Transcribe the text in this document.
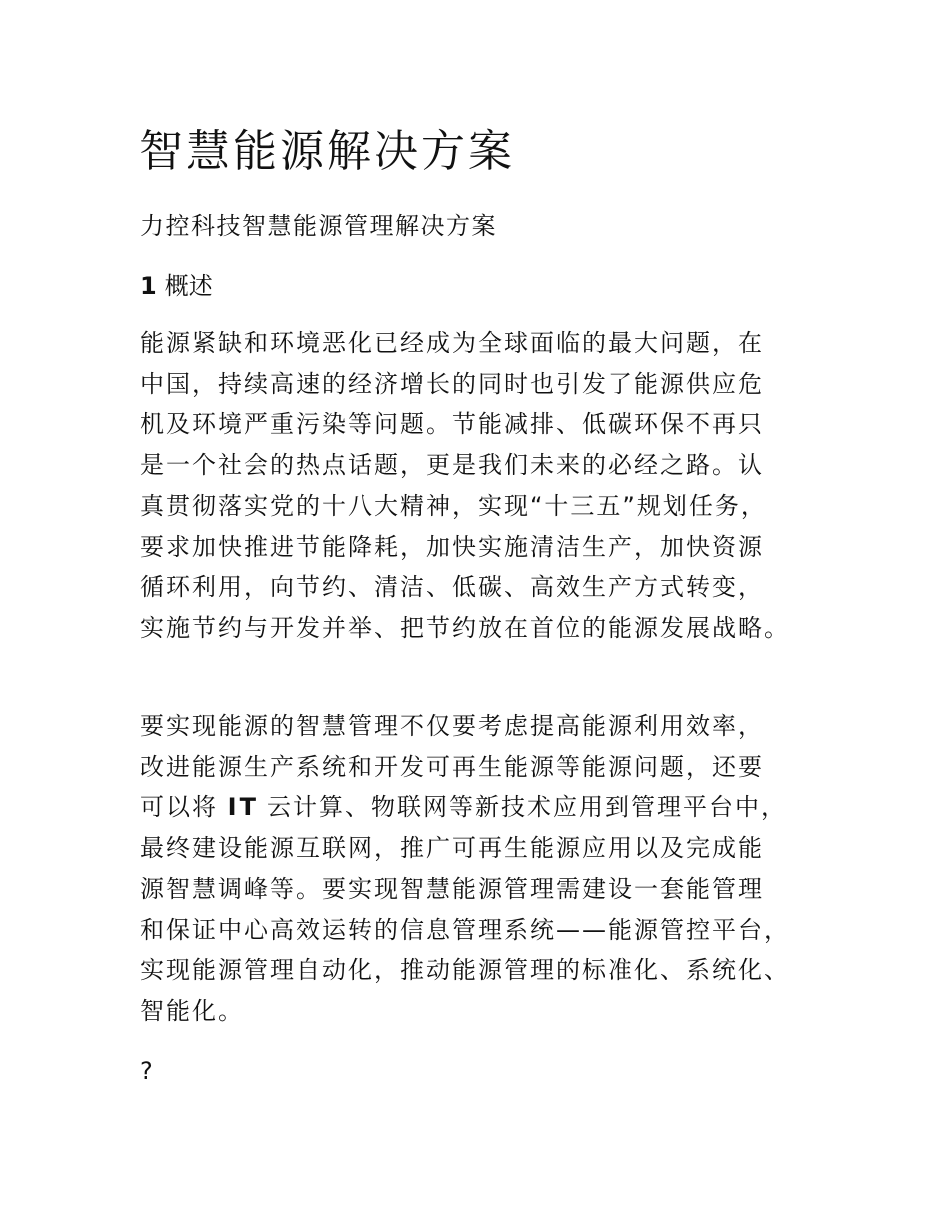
智慧能源解决方案

力控科技智慧能源管理解决方案

1 概述
能源紧缺和环境恶化已经成为全球面临的最大问题，在
中国，持续高速的经济增长的同时也引发了能源供应危
机及环境严重污染等问题。节能减排、低碳环保不再只
是一个社会的热点话题，更是我们未来的必经之路。认
真贯彻落实党的十八大精神，实现“十三五”规划任务，
要求加快推进节能降耗，加快实施清洁生产，加快资源
循环利用，向节约、清洁、低碳、高效生产方式转变，
实施节约与开发并举、把节约放在首位的能源发展战略。
要实现能源的智慧管理不仅要考虑提高能源利用效率，
改进能源生产系统和开发可再生能源等能源问题，还要
可以将 IT 云计算、物联网等新技术应用到管理平台中，
最终建设能源互联网，推广可再生能源应用以及完成能
源智慧调峰等。要实现智慧能源管理需建设一套能管理
和保证中心高效运转的信息管理系统——能源管控平台，
实现能源管理自动化，推动能源管理的标准化、系统化、
智能化。

?
